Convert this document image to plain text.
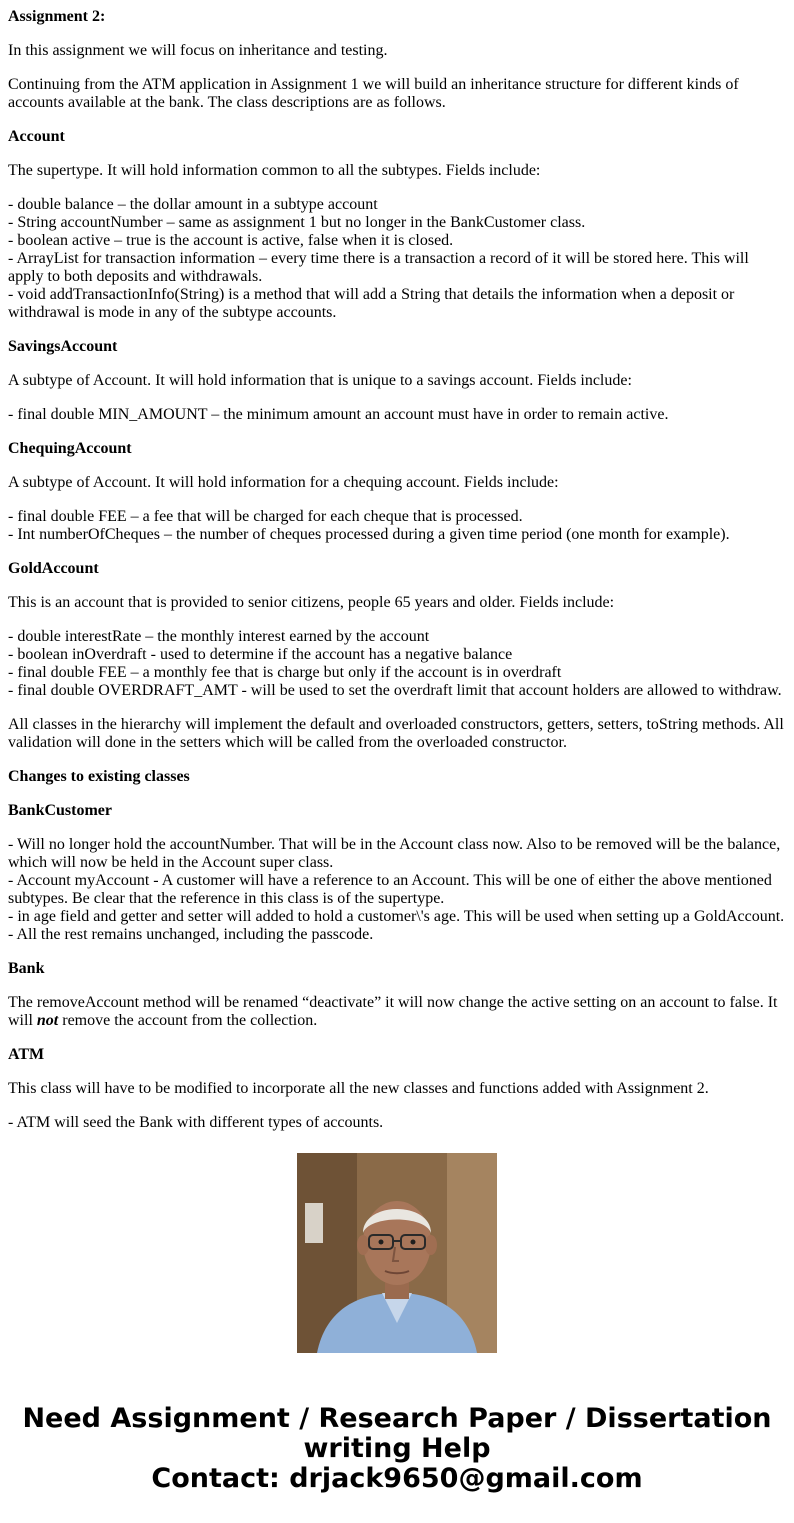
Assignment 2:

In this assignment we will focus on inheritance and testing.

Continuing from the ATM application in Assignment 1 we will build an inheritance structure for different kinds of accounts available at the bank. The class descriptions are as follows.

Account

The supertype. It will hold information common to all the subtypes. Fields include:

- double balance – the dollar amount in a subtype account
- String accountNumber – same as assignment 1 but no longer in the BankCustomer class.
- boolean active – true is the account is active, false when it is closed.
- ArrayList for transaction information – every time there is a transaction a record of it will be stored here. This will apply to both deposits and withdrawals.
- void addTransactionInfo(String) is a method that will add a String that details the information when a deposit or withdrawal is mode in any of the subtype accounts.

SavingsAccount

A subtype of Account. It will hold information that is unique to a savings account. Fields include:

- final double MIN_AMOUNT – the minimum amount an account must have in order to remain active.

ChequingAccount

A subtype of Account. It will hold information for a chequing account. Fields include:

- final double FEE – a fee that will be charged for each cheque that is processed.
- Int numberOfCheques – the number of cheques processed during a given time period (one month for example).

GoldAccount

This is an account that is provided to senior citizens, people 65 years and older. Fields include:

- double interestRate – the monthly interest earned by the account
- boolean inOverdraft - used to determine if the account has a negative balance
- final double FEE – a monthly fee that is charge but only if the account is in overdraft
- final double OVERDRAFT_AMT - will be used to set the overdraft limit that account holders are allowed to withdraw.

All classes in the hierarchy will implement the default and overloaded constructors, getters, setters, toString methods. All validation will done in the setters which will be called from the overloaded constructor.

Changes to existing classes

BankCustomer

- Will no longer hold the accountNumber. That will be in the Account class now. Also to be removed will be the balance, which will now be held in the Account super class.
- Account myAccount - A customer will have a reference to an Account. This will be one of either the above mentioned subtypes. Be clear that the reference in this class is of the supertype.
- in age field and getter and setter will added to hold a customer\'s age. This will be used when setting up a GoldAccount.
- All the rest remains unchanged, including the passcode.

Bank

The removeAccount method will be renamed “deactivate” it will now change the active setting on an account to false. It will not remove the account from the collection.

ATM

This class will have to be modified to incorporate all the new classes and functions added with Assignment 2.

- ATM will seed the Bank with different types of accounts.
Need Assignment / Research Paper / Dissertation
writing Help
Contact: drjack9650@gmail.com
